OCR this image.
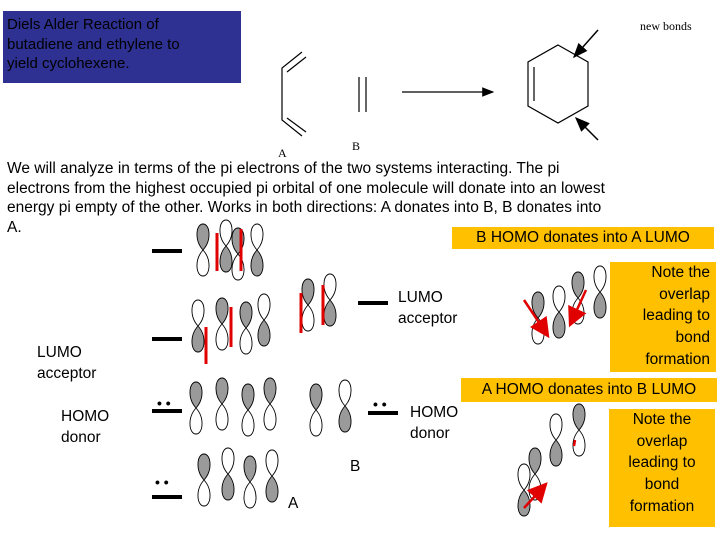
Diels Alder Reaction of
butadiene and ethylene to
yield cyclohexene.
new bonds
A	B
We will analyze in terms of the pi electrons of the two systems interacting. The pi
electrons from the highest occupied pi orbital of one molecule will donate into an lowest
energy pi empty of the other. Works in both directions: A donates into B, B donates into
A.
B HOMO donates into A LUMO
Note the
overlap
leading to
bond
formation
A HOMO donates into B LUMO
Note the
overlap
leading to
bond
formation
LUMO
acceptor
LUMO
acceptor
HOMO
donor
HOMO
donor
B
A
• •
• •
• •
